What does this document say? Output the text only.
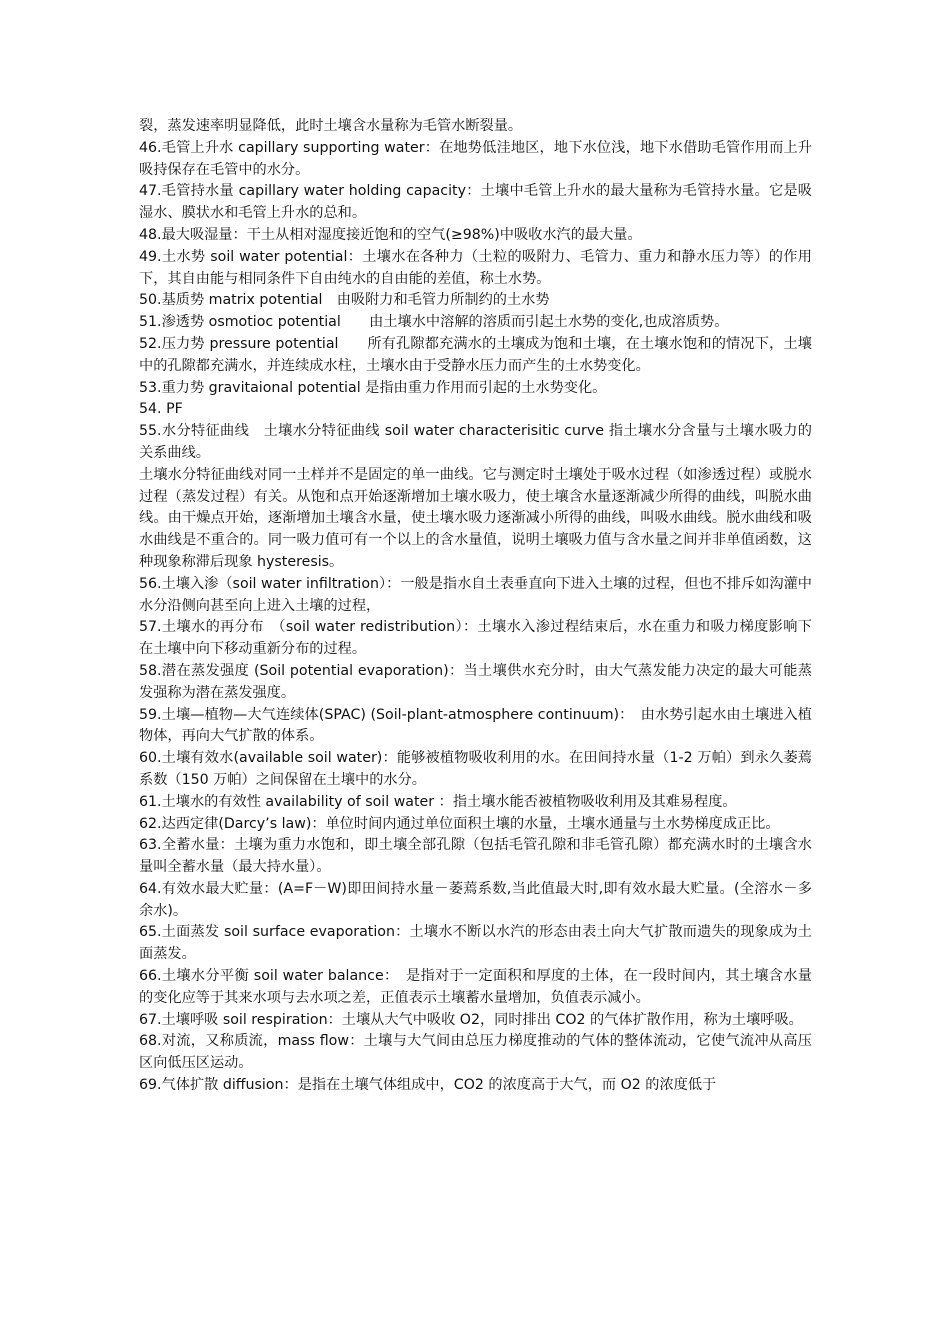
裂，蒸发速率明显降低，此时土壤含水量称为毛管水断裂量。

46.毛管上升水 capillary supporting water：在地势低洼地区，地下水位浅，地下水借助毛管作用而上升吸持保存在毛管中的水分。

47.毛管持水量 capillary water holding capacity：土壤中毛管上升水的最大量称为毛管持水量。它是吸湿水、膜状水和毛管上升水的总和。

48.最大吸湿量：干土从相对湿度接近饱和的空气(≥98%)中吸收水汽的最大量。

49.土水势 soil water potential：土壤水在各种力（土粒的吸附力、毛管力、重力和静水压力等）的作用下，其自由能与相同条件下自由纯水的自由能的差值，称土水势。

50.基质势 matrix potential　由吸附力和毛管力所制约的土水势

51.渗透势 osmotioc potential　　由土壤水中溶解的溶质而引起土水势的变化,也成溶质势。

52.压力势 pressure potential　　所有孔隙都充满水的土壤成为饱和土壤，在土壤水饱和的情况下，土壤中的孔隙都充满水，并连续成水柱，土壤水由于受静水压力而产生的土水势变化。

53.重力势 gravitaional potential 是指由重力作用而引起的土水势变化。

54. PF

55.水分特征曲线　土壤水分特征曲线 soil water characterisitic curve 指土壤水分含量与土壤水吸力的关系曲线。

土壤水分特征曲线对同一土样并不是固定的单一曲线。它与测定时土壤处于吸水过程（如渗透过程）或脱水过程（蒸发过程）有关。从饱和点开始逐渐增加土壤水吸力，使土壤含水量逐渐减少所得的曲线，叫脱水曲线。由干燥点开始，逐渐增加土壤含水量，使土壤水吸力逐渐减小所得的曲线，叫吸水曲线。脱水曲线和吸水曲线是不重合的。同一吸力值可有一个以上的含水量值，说明土壤吸力值与含水量之间并非单值函数，这种现象称滞后现象 hysteresis。

56.土壤入渗（soil water infiltration）：一般是指水自土表垂直向下进入土壤的过程，但也不排斥如沟灌中水分沿侧向甚至向上进入土壤的过程，

57.土壤水的再分布　（soil water redistribution）：土壤水入渗过程结束后，水在重力和吸力梯度影响下在土壤中向下移动重新分布的过程。

58.潜在蒸发强度 (Soil potential evaporation)：当土壤供水充分时，由大气蒸发能力决定的最大可能蒸发强称为潜在蒸发强度。

59.土壤—植物—大气连续体(SPAC) (Soil-plant-atmosphere continuum)：　由水势引起水由土壤进入植物体，再向大气扩散的体系。

60.土壤有效水(available soil water)：能够被植物吸收利用的水。在田间持水量（1-2 万帕）到永久萎蔫系数（150 万帕）之间保留在土壤中的水分。

61.土壤水的有效性 availability of soil water ：指土壤水能否被植物吸收利用及其难易程度。

62.达西定律(Darcy’s law)：单位时间内通过单位面积土壤的水量，土壤水通量与土水势梯度成正比。

63.全蓄水量：土壤为重力水饱和，即土壤全部孔隙（包括毛管孔隙和非毛管孔隙）都充满水时的土壤含水量叫全蓄水量（最大持水量）。

64.有效水最大贮量：(A=F－W)即田间持水量－萎蔫系数,当此值最大时,即有效水最大贮量。(全溶水－多余水)。

65.土面蒸发 soil surface evaporation：土壤水不断以水汽的形态由表土向大气扩散而遗失的现象成为土面蒸发。

66.土壤水分平衡 soil water balance：　是指对于一定面积和厚度的土体，在一段时间内，其土壤含水量的变化应等于其来水项与去水项之差，正值表示土壤蓄水量增加，负值表示减小。

67.土壤呼吸 soil respiration：土壤从大气中吸收 O2，同时排出 CO2 的气体扩散作用，称为土壤呼吸。

68.对流，又称质流，mass flow：土壤与大气间由总压力梯度推动的气体的整体流动，它使气流冲从高压区向低压区运动。

69.气体扩散 diffusion：是指在土壤气体组成中，CO2 的浓度高于大气，而 O2 的浓度低于
